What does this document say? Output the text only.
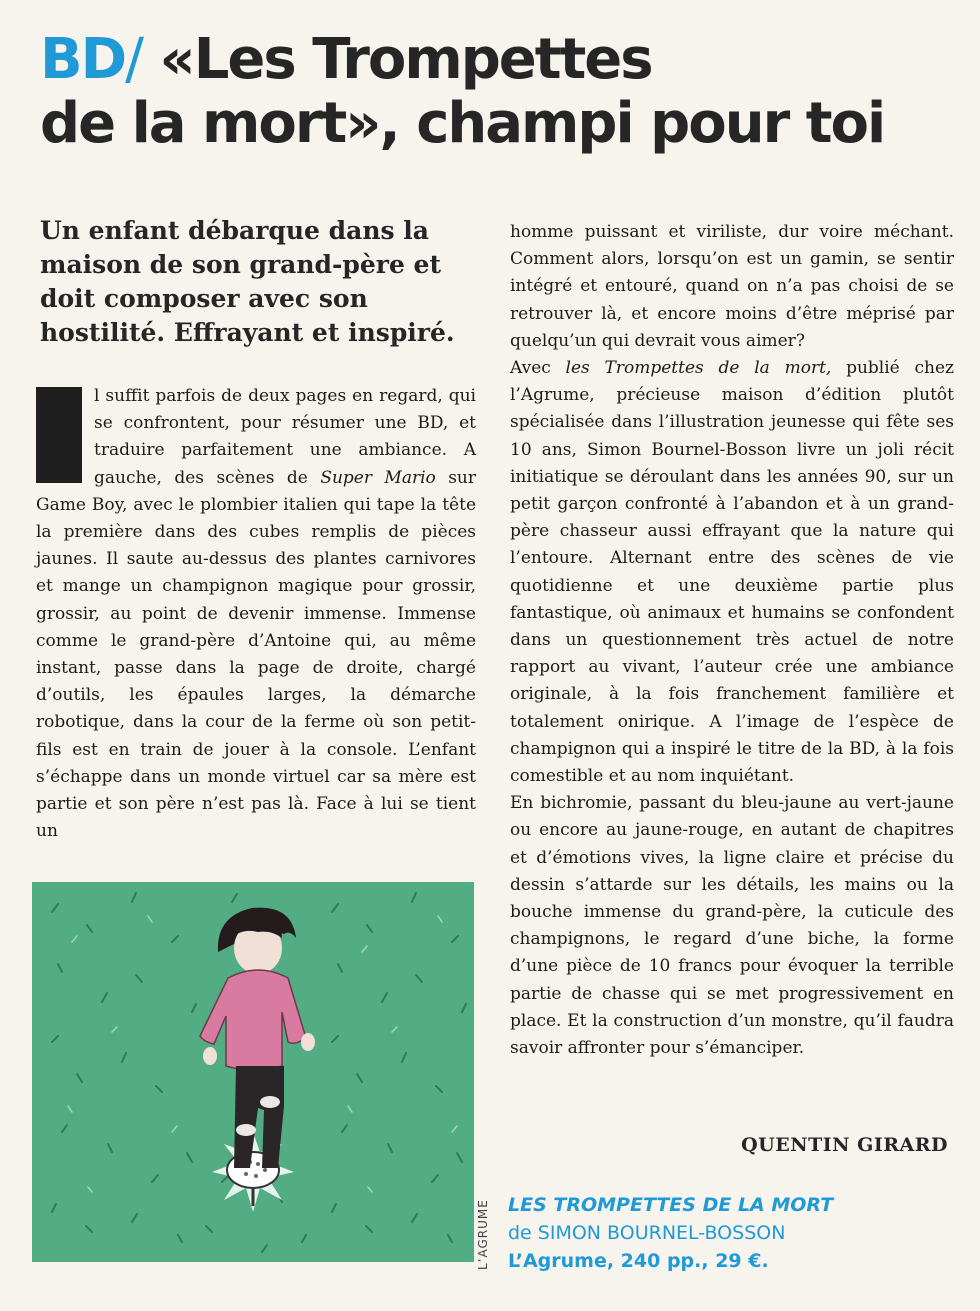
BD/ «Les Trompettes
de la mort», champi pour toi
Un enfant débarque dans la maison de son grand-père et doit composer avec son hostilité. Effrayant et inspiré.
l suffit parfois de deux pages en regard, qui se confrontent, pour résumer une BD, et traduire parfaitement une ambiance. A gauche, des scènes de Super Mario sur Game Boy, avec le plombier italien qui tape la tête la première dans des cubes remplis de pièces jaunes. Il saute au-dessus des plantes carnivores et mange un champignon magique pour grossir, grossir, au point de devenir immense. Immense comme le grand-père d’Antoine qui, au même instant, passe dans la page de droite, chargé d’outils, les épaules larges, la démarche robotique, dans la cour de la ferme où son petit-fils est en train de jouer à la console. L’enfant s’échappe dans un monde virtuel car sa mère est partie et son père n’est pas là. Face à lui se tient un
homme puissant et viriliste, dur voire méchant. Comment alors, lorsqu’on est un gamin, se sentir intégré et entouré, quand on n’a pas choisi de se retrouver là, et encore moins d’être méprisé par quelqu’un qui devrait vous aimer?
Avec les Trompettes de la mort, publié chez l’Agrume, précieuse maison d’édition plutôt spécialisée dans l’illustration jeunesse qui fête ses 10 ans, Simon Bournel-Bosson livre un joli récit initiatique se déroulant dans les années 90, sur un petit garçon confronté à l’abandon et à un grand-père chasseur aussi effrayant que la nature qui l’entoure. Alternant entre des scènes de vie quotidienne et une deuxième partie plus fantastique, où animaux et humains se confondent dans un questionnement très actuel de notre rapport au vivant, l’auteur crée une ambiance originale, à la fois franchement familière et totalement onirique. A l’image de l’espèce de champignon qui a inspiré le titre de la BD, à la fois comestible et au nom inquiétant.
En bichromie, passant du bleu-jaune au vert-jaune ou encore au jaune-rouge, en autant de chapitres et d’émotions vives, la ligne claire et précise du dessin s’attarde sur les détails, les mains ou la bouche immense du grand-père, la cuticule des champignons, le regard d’une biche, la forme d’une pièce de 10 francs pour évoquer la terrible partie de chasse qui se met progressivement en place. Et la construction d’un monstre, qu’il faudra savoir affronter pour s’émanciper.
QUENTIN GIRARD
L’AGRUME LES TROMPETTES DE LA MORT
de SIMON BOURNEL-BOSSON
L’Agrume, 240 pp., 29 €.
